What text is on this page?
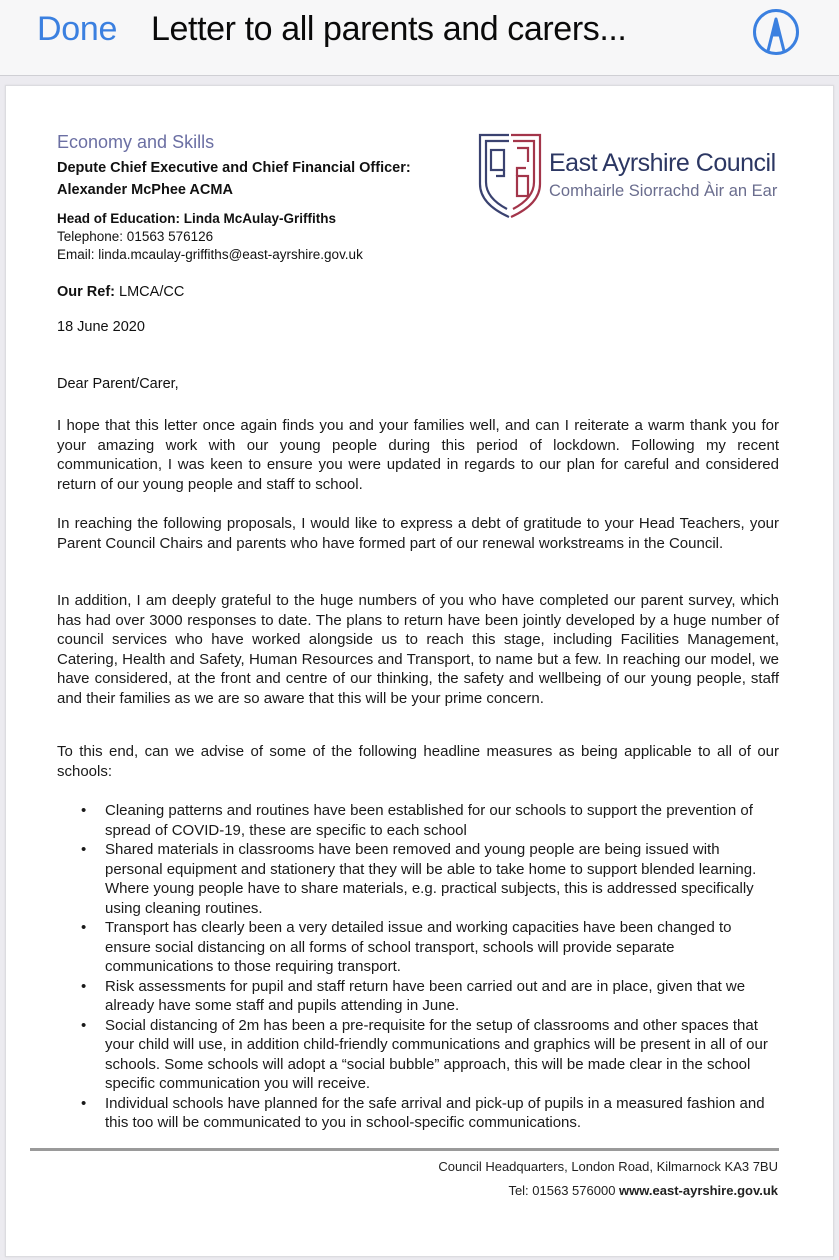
Done Letter to all parents and carers...
Economy and Skills
Depute Chief Executive and Chief Financial Officer:
Alexander McPhee ACMA
Head of Education: Linda McAulay-Griffiths
Telephone: 01563 576126
Email: linda.mcaulay-griffiths@east-ayrshire.gov.uk
East Ayrshire Council
Comhairle Siorrachd Àir an Ear
Our Ref: LMCA/CC
18 June 2020
Dear Parent/Carer,

I hope that this letter once again finds you and your families well, and can I reiterate a warm thank you for your amazing work with our young people during this period of lockdown. Following my recent communication, I was keen to ensure you were updated in regards to our plan for careful and considered return of our young people and staff to school.

In reaching the following proposals, I would like to express a debt of gratitude to your Head Teachers, your Parent Council Chairs and parents who have formed part of our renewal workstreams in the Council.

In addition, I am deeply grateful to the huge numbers of you who have completed our parent survey, which has had over 3000 responses to date. The plans to return have been jointly developed by a huge number of council services who have worked alongside us to reach this stage, including Facilities Management, Catering, Health and Safety, Human Resources and Transport, to name but a few. In reaching our model, we have considered, at the front and centre of our thinking, the safety and wellbeing of our young people, staff and their families as we are so aware that this will be your prime concern.

To this end, can we advise of some of the following headline measures as being applicable to all of our schools:

• Cleaning patterns and routines have been established for our schools to support the prevention of spread of COVID-19, these are specific to each school
• Shared materials in classrooms have been removed and young people are being issued with personal equipment and stationery that they will be able to take home to support blended learning. Where young people have to share materials, e.g. practical subjects, this is addressed specifically using cleaning routines.
• Transport has clearly been a very detailed issue and working capacities have been changed to ensure social distancing on all forms of school transport, schools will provide separate communications to those requiring transport.
• Risk assessments for pupil and staff return have been carried out and are in place, given that we already have some staff and pupils attending in June.
• Social distancing of 2m has been a pre-requisite for the setup of classrooms and other spaces that your child will use, in addition child-friendly communications and graphics will be present in all of our schools. Some schools will adopt a “social bubble” approach, this will be made clear in the school specific communication you will receive.
• Individual schools have planned for the safe arrival and pick-up of pupils in a measured fashion and this too will be communicated to you in school-specific communications.
Council Headquarters, London Road, Kilmarnock KA3 7BU
Tel: 01563 576000 www.east-ayrshire.gov.uk
